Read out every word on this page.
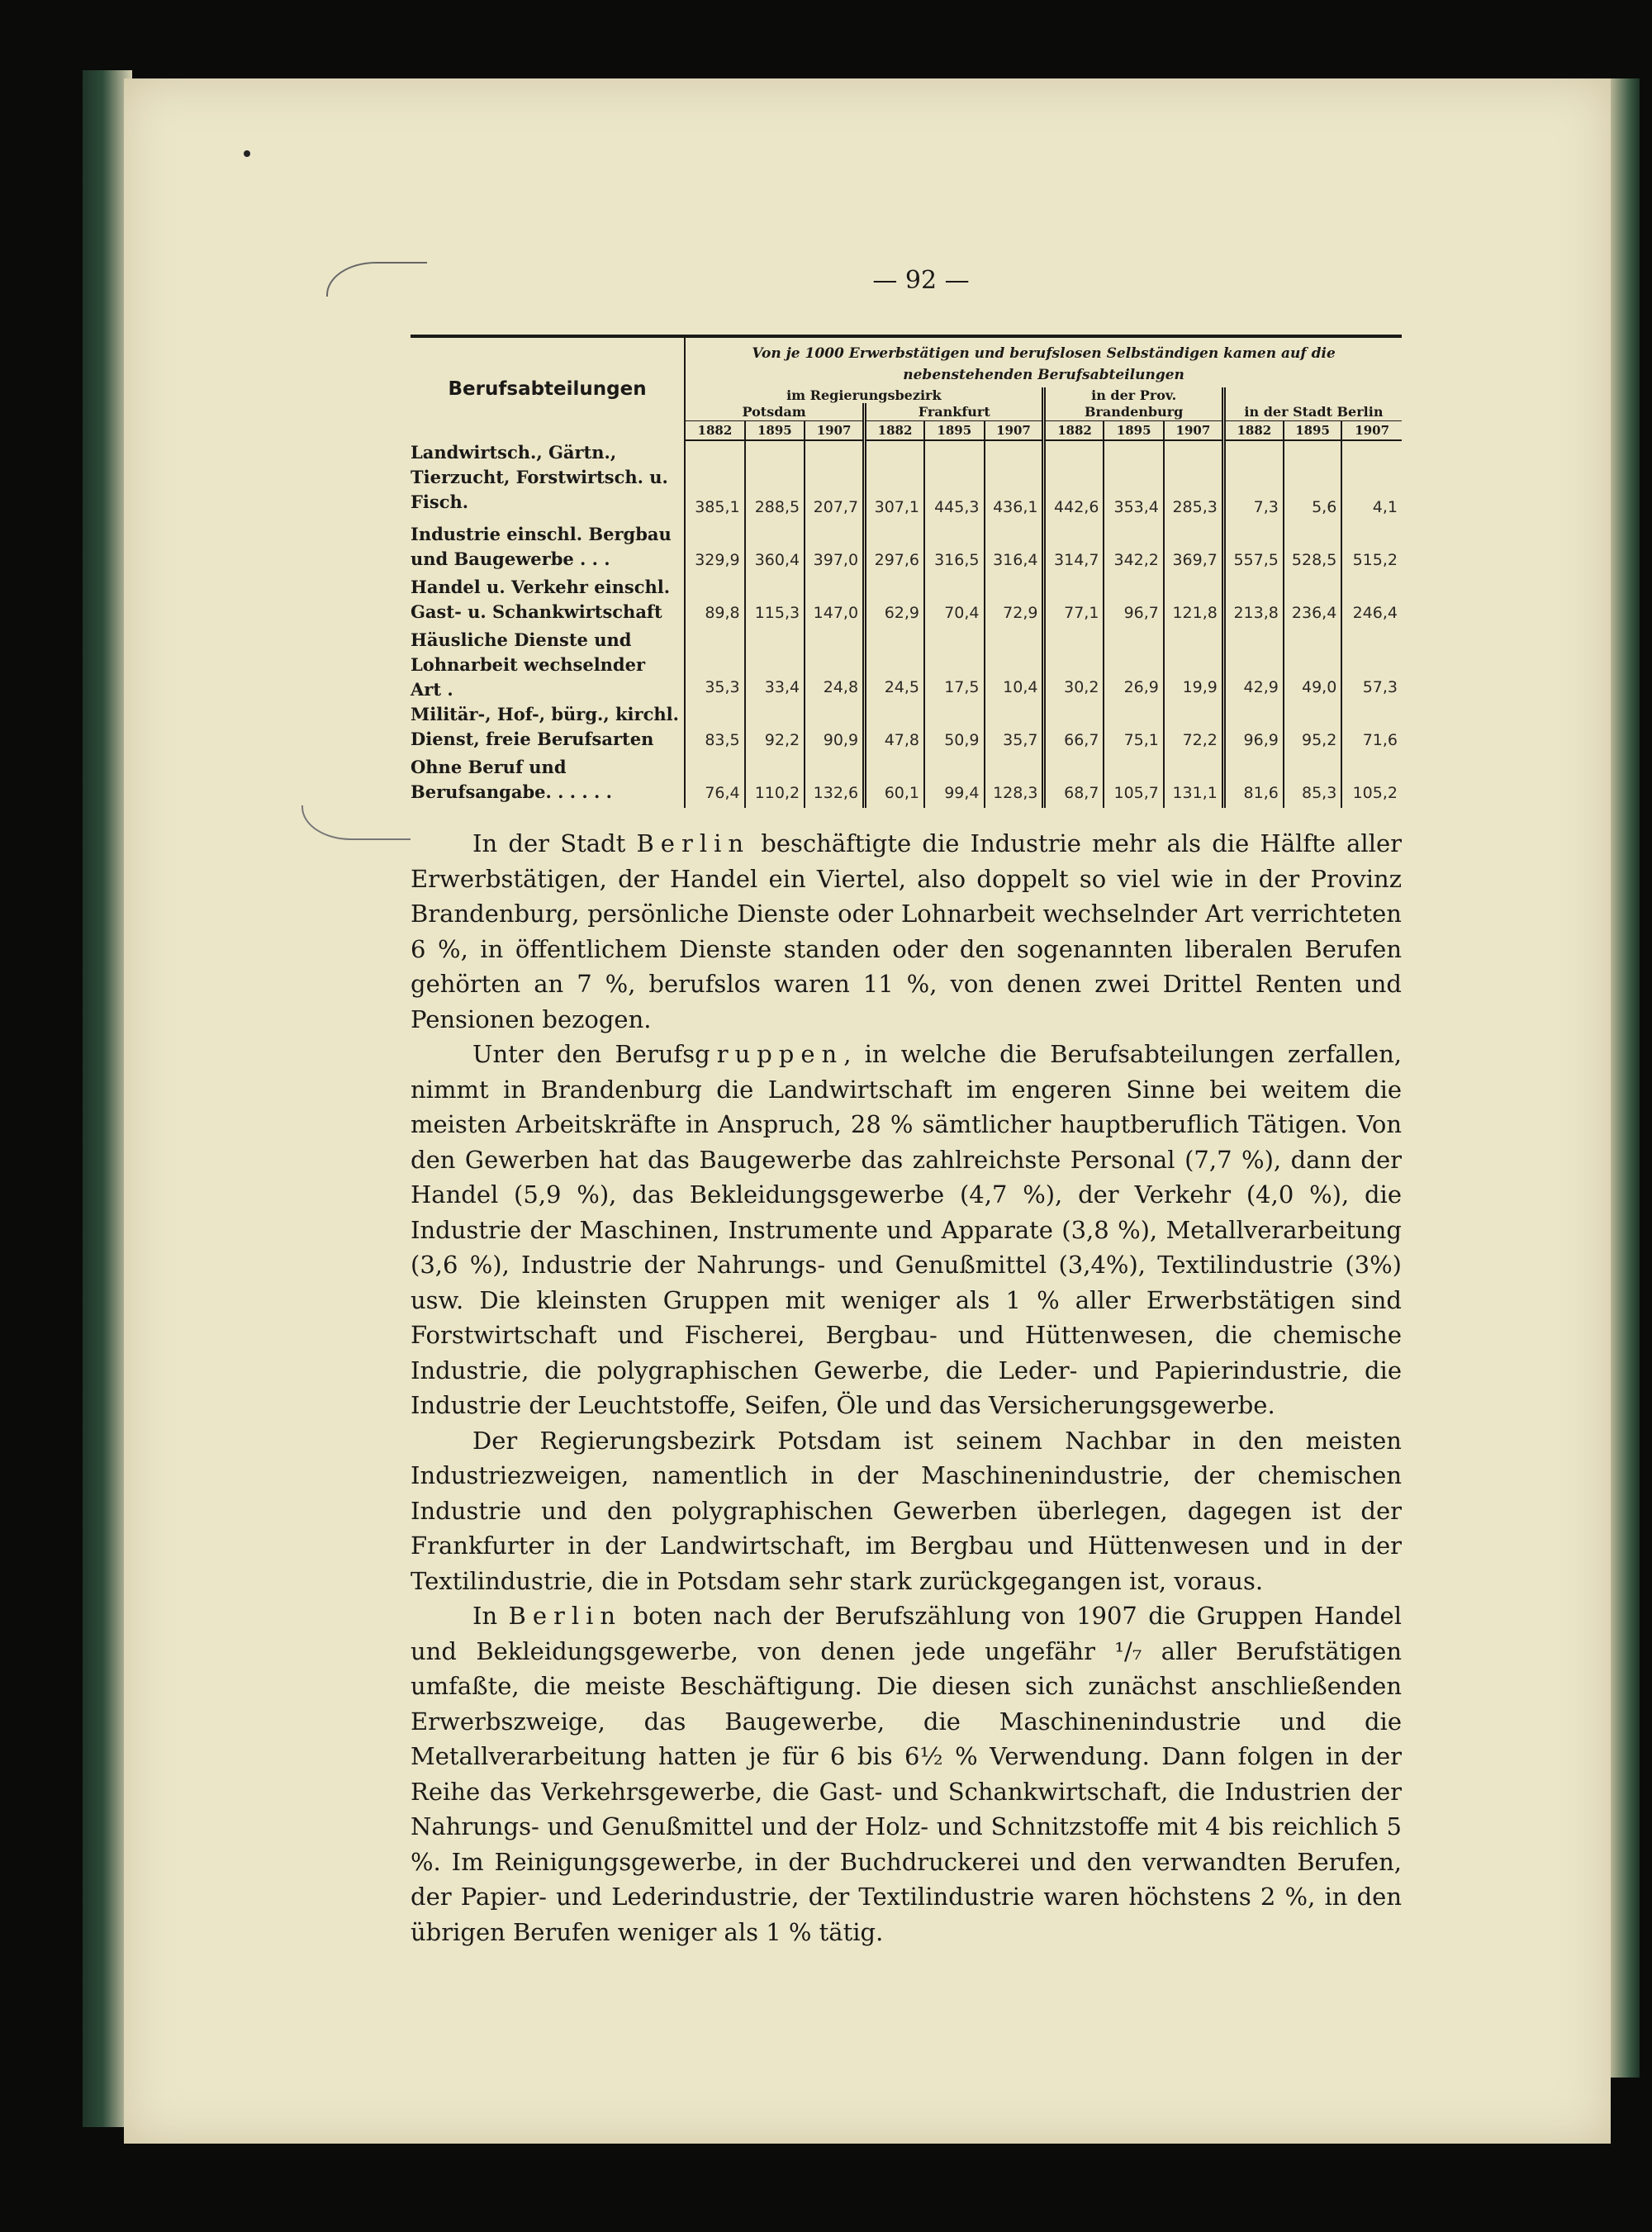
— 92 —
Berufsabteilungen	Von je 1000 Erwerbstätigen und berufslosen Selbständigen kamen auf die nebenstehenden Berufsabteilungen											
	im Regierungsbezirk						in der Prov. Brandenburg			in der Stadt Berlin		
	Potsdam			Frankfurt								
	1882	1895	1907	1882	1895	1907	1882	1895	1907	1882	1895	1907
Landwirtsch., Gärtn., Tierzucht, Forstwirtsch. u. Fisch.	385,1	288,5	207,7	307,1	445,3	436,1	442,6	353,4	285,3	7,3	5,6	4,1
Industrie einschl. Bergbau und Baugewerbe . . .	329,9	360,4	397,0	297,6	316,5	316,4	314,7	342,2	369,7	557,5	528,5	515,2
Handel u. Verkehr einschl. Gast- u. Schankwirtschaft	89,8	115,3	147,0	62,9	70,4	72,9	77,1	96,7	121,8	213,8	236,4	246,4
Häusliche Dienste und Lohnarbeit wechselnder Art .	35,3	33,4	24,8	24,5	17,5	10,4	30,2	26,9	19,9	42,9	49,0	57,3
Militär-, Hof-, bürg., kirchl. Dienst, freie Berufsarten	83,5	92,2	90,9	47,8	50,9	35,7	66,7	75,1	72,2	96,9	95,2	71,6
Ohne Beruf und Berufsangabe. . . . . .	76,4	110,2	132,6	60,1	99,4	128,3	68,7	105,7	131,1	81,6	85,3	105,2

In der Stadt Berlin beschäftigte die Industrie mehr als die Hälfte aller Erwerbstätigen, der Handel ein Viertel, also doppelt so viel wie in der Provinz Brandenburg, persönliche Dienste oder Lohnarbeit wechselnder Art verrichteten 6 %, in öffentlichem Dienste standen oder den sogenannten liberalen Berufen gehörten an 7 %, berufslos waren 11 %, von denen zwei Drittel Renten und Pensionen bezogen.

Unter den Berufsgruppen, in welche die Berufsabteilungen zerfallen, nimmt in Brandenburg die Landwirtschaft im engeren Sinne bei weitem die meisten Arbeitskräfte in Anspruch, 28 % sämtlicher hauptberuflich Tätigen. Von den Gewerben hat das Baugewerbe das zahlreichste Personal (7,7 %), dann der Handel (5,9 %), das Bekleidungsgewerbe (4,7 %), der Verkehr (4,0 %), die Industrie der Maschinen, Instrumente und Apparate (3,8 %), Metallverarbeitung (3,6 %), Industrie der Nahrungs- und Genußmittel (3,4%), Textilindustrie (3%) usw. Die kleinsten Gruppen mit weniger als 1 % aller Erwerbstätigen sind Forstwirtschaft und Fischerei, Bergbau- und Hüttenwesen, die chemische Industrie, die polygraphischen Gewerbe, die Leder- und Papierindustrie, die Industrie der Leuchtstoffe, Seifen, Öle und das Versicherungsgewerbe.

Der Regierungsbezirk Potsdam ist seinem Nachbar in den meisten Industriezweigen, namentlich in der Maschinenindustrie, der chemischen Industrie und den polygraphischen Gewerben überlegen, dagegen ist der Frankfurter in der Landwirtschaft, im Bergbau und Hüttenwesen und in der Textilindustrie, die in Potsdam sehr stark zurückgegangen ist, voraus.

In Berlin boten nach der Berufszählung von 1907 die Gruppen Handel und Bekleidungsgewerbe, von denen jede ungefähr ¹/₇ aller Berufstätigen umfaßte, die meiste Beschäftigung. Die diesen sich zunächst anschließenden Erwerbszweige, das Baugewerbe, die Maschinenindustrie und die Metallverarbeitung hatten je für 6 bis 6½ % Verwendung. Dann folgen in der Reihe das Verkehrsgewerbe, die Gast- und Schankwirtschaft, die Industrien der Nahrungs- und Genußmittel und der Holz- und Schnitzstoffe mit 4 bis reichlich 5 %. Im Reinigungsgewerbe, in der Buchdruckerei und den verwandten Berufen, der Papier- und Lederindustrie, der Textilindustrie waren höchstens 2 %, in den übrigen Berufen weniger als 1 % tätig.
